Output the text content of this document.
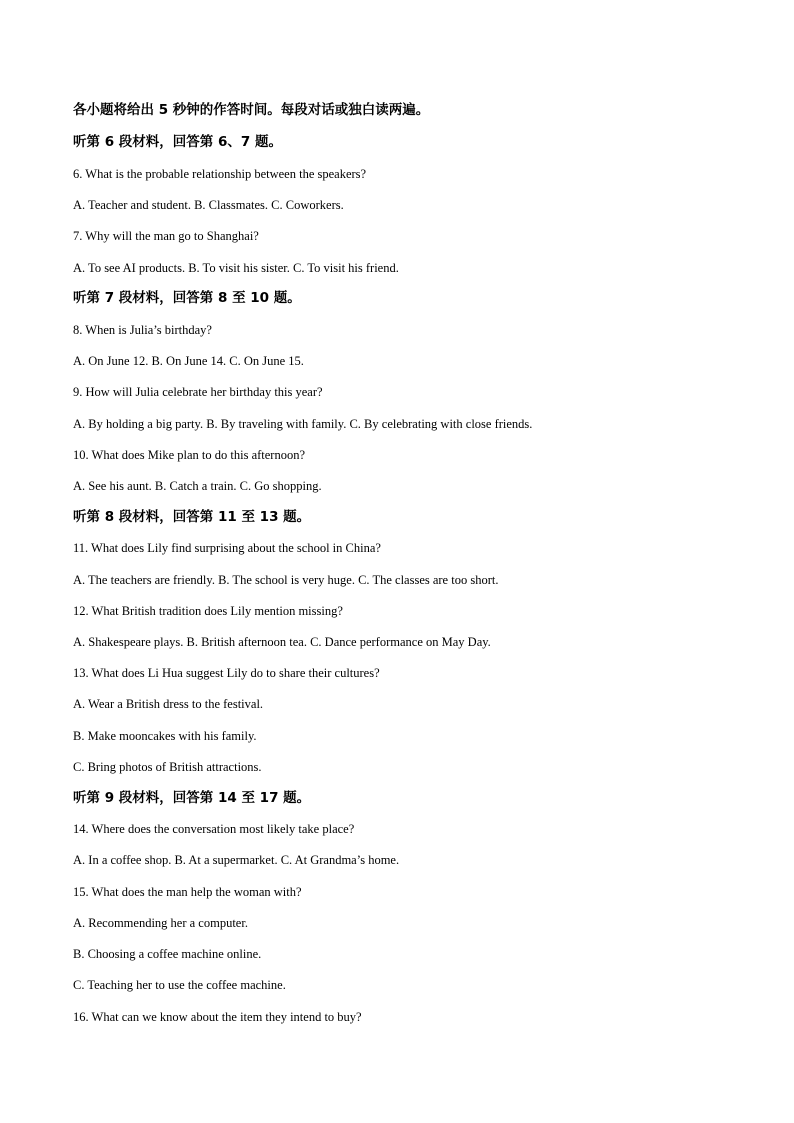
各小题将给出 5 秒钟的作答时间。每段对话或独白读两遍。
听第 6 段材料，回答第 6、7 题。
6. What is the probable relationship between the speakers?
A. Teacher and student. B. Classmates. C. Coworkers.
7. Why will the man go to Shanghai?
A. To see AI products. B. To visit his sister. C. To visit his friend.
听第 7 段材料，回答第 8 至 10 题。
8. When is Julia’s birthday?
A. On June 12. B. On June 14. C. On June 15.
9. How will Julia celebrate her birthday this year?
A. By holding a big party. B. By traveling with family. C. By celebrating with close friends.
10. What does Mike plan to do this afternoon?
A. See his aunt. B. Catch a train. C. Go shopping.
听第 8 段材料，回答第 11 至 13 题。
11. What does Lily find surprising about the school in China?
A. The teachers are friendly. B. The school is very huge. C. The classes are too short.
12. What British tradition does Lily mention missing?
A. Shakespeare plays. B. British afternoon tea. C. Dance performance on May Day.
13. What does Li Hua suggest Lily do to share their cultures?
A. Wear a British dress to the festival.
B. Make mooncakes with his family.
C. Bring photos of British attractions.
听第 9 段材料，回答第 14 至 17 题。
14. Where does the conversation most likely take place?
A. In a coffee shop. B. At a supermarket. C. At Grandma’s home.
15. What does the man help the woman with?
A. Recommending her a computer.
B. Choosing a coffee machine online.
C. Teaching her to use the coffee machine.
16. What can we know about the item they intend to buy?
